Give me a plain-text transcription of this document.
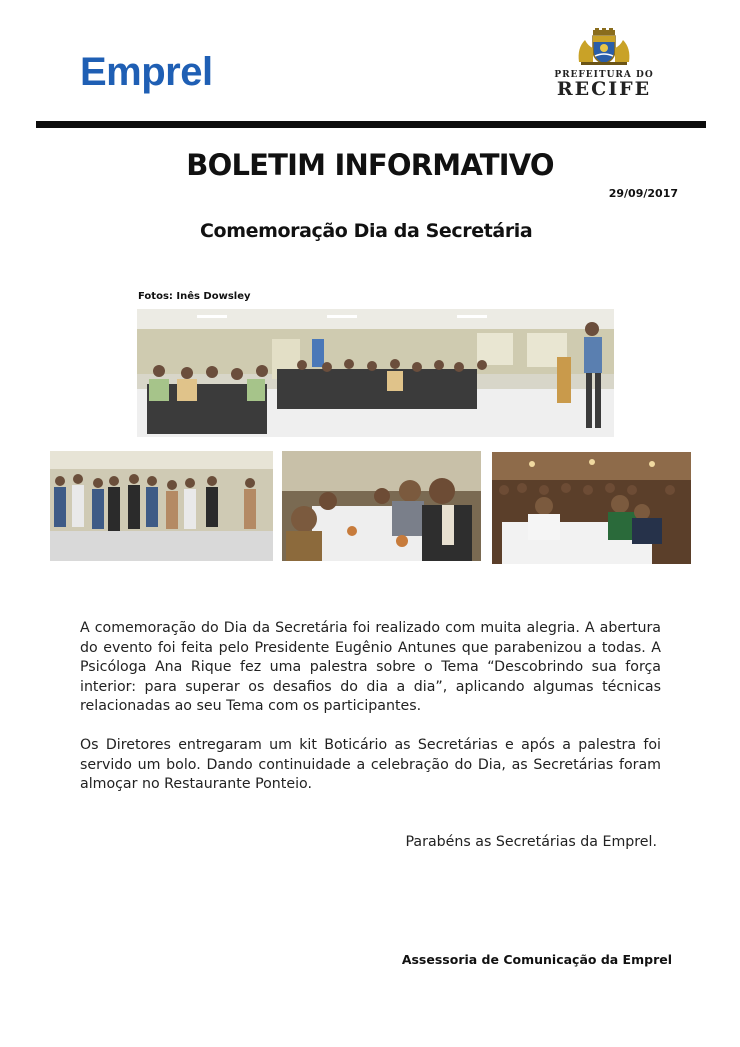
Emprel	PREFEITURA DO
RECIFE
BOLETIM INFORMATIVO
29/09/2017
Comemoração Dia da Secretária
Fotos: Inês Dowsley

A comemoração do Dia da Secretária foi realizado com muita alegria. A abertura do evento foi feita pelo Presidente Eugênio Antunes que parabenizou a todas. A Psicóloga Ana Rique fez uma palestra sobre o Tema “Descobrindo sua força interior: para superar os desafios do dia a dia”, aplicando algumas técnicas relacionadas ao seu Tema com os participantes.

Os Diretores entregaram um kit Boticário as Secretárias e após a palestra foi servido um bolo. Dando continuidade a celebração do Dia, as Secretárias foram almoçar no Restaurante Ponteio.

Parabéns as Secretárias da Emprel.
Assessoria de Comunicação da Emprel
